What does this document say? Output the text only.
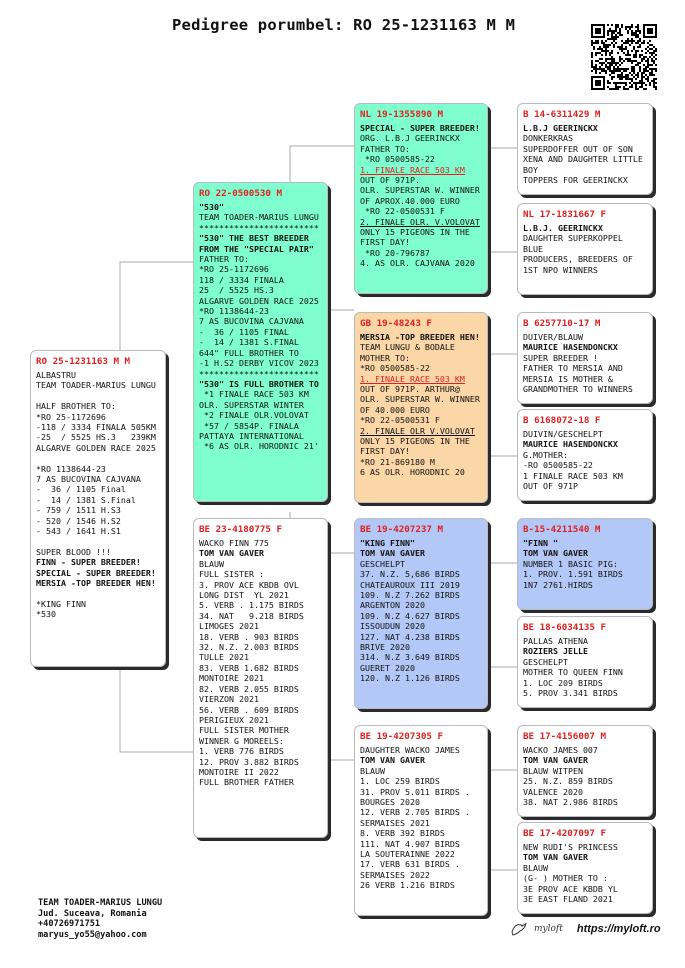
Pedigree porumbel: RO 25-1231163 M M
RO 25-1231163 M M
ALBASTRU
TEAM TOADER-MARIUS LUNGU

HALF BROTHER TO:
*RO 25-1172696
-118 / 3334 FINALA 505KM
-25  / 5525 HS.3   239KM
ALGARVE GOLDEN RACE 2025

*RO 1138644-23
7 AS BUCOVINA CAJVANA
-  36 / 1105 Final
-  14 / 1381 S.Final
- 759 / 1511 H.S3
- 520 / 1546 H.S2
- 543 / 1641 H.S1

SUPER BLOOD !!!
FINN - SUPER BREEDER!
SPECIAL - SUPER BREEDER!
MERSIA -TOP BREEDER HEN!

*KING FINN
*530
RO 22-0500530 M
"530"
TEAM TOADER-MARIUS LUNGU
************************
"530" THE BEST BREEDER
FROM THE "SPECIAL PAIR"
FATHER TO:
*RO 25-1172696
118 / 3334 FINALA
25  / 5525 HS.3
ALGARVE GOLDEN RACE 2025
*RO 1138644-23
7 AS BUCOVINA CAJVANA
-  36 / 1105 FINAL
-  14 / 1381 S.FINAL
644" FULL BROTHER TO
-1 H.S2 DERBY VICOV 2023
************************
"530" IS FULL BROTHER TO
*1 FINALE RACE 503 KM
OLR. SUPERSTAR WINTER
*2 FINALE OLR.VOLOVAT
*57 / 5854P. FINALA
PATTAYA INTERNATIONAL
*6 AS OLR. HORODNIC 21'
BE 23-4180775 F
WACKO FINN 775
TOM VAN GAVER
BLAUW
FULL SISTER :
3. PROV ACE KBDB OVL
LONG DIST  YL 2021
5. VERB . 1.175 BIRDS
34. NAT   9.218 BIRDS
LIMOGES 2021
18. VERB . 903 BIRDS
32. N.Z. 2.003 BIRDS
TULLE 2021
83. VERB 1.682 BIRDS
MONTOIRE 2021
82. VERB 2.055 BIRDS
VIERZON 2021
56. VERB . 609 BIRDS
PERIGIEUX 2021
FULL SISTER MOTHER
WINNER G MOREELS:
1. VERB 776 BIRDS
12. PROV 3.882 BIRDS
MONTOIRE II 2022
FULL BROTHER FATHER
NL 19-1355890 M
SPECIAL - SUPER BREEDER!
ORG. L.B.J GEERINCKX
FATHER TO:
*RO 0500585-22
1. FINALE RACE 503 KM
OUT OF 971P.
OLR. SUPERSTAR W. WINNER
OF APROX.40.000 EURO
*RO 22-0500531 F
2. FINALE OLR. V.VOLOVAT
ONLY 15 PIGEONS IN THE
FIRST DAY!
*RO 20-796787
4. AS OLR. CAJVANA 2020
GB 19-48243 F
MERSIA -TOP BREEDER HEN!
TEAM LUNGU & BODALE
MOTHER TO:
*RO 0500585-22
1. FINALE RACE 503 KM
OUT OF 971P. ARTHUR@
OLR. SUPERSTAR W. WINNER
OF 40.000 EURO
*RO 22-0500531 F
2. FINALE OLR V.VOLOVAT
ONLY 15 PIGEONS IN THE
FIRST DAY!
*RO 21-869180 M
6 AS OLR. HORODNIC 20
BE 19-4207237 M
"KING FINN"
TOM VAN GAVER
GESCHELPT
37. N.Z. 5,686 BIRDS
CHATEAUROUX III 2019
109. N.Z 7.262 BIRDS
ARGENTON 2020
109. N.Z 4.627 BIRDS
ISSOUDUN 2020
127. NAT 4.238 BIRDS
BRIVE 2020
314. N.Z 3.649 BIRDS
GUERET 2020
120. N.Z 1.126 BIRDS
BE 19-4207305 F
DAUGHTER WACKO JAMES
TOM VAN GAVER
BLAUW
1. LOC 259 BIRDS
31. PROV 5.011 BIRDS .
BOURGES 2020
12. VERB 2.705 BIRDS .
SERMAISES 2021
8. VERB 392 BIRDS
111. NAT 4.907 BIRDS
LA SOUTERAINNE 2022
17. VERB 631 BIRDS .
SERMAISES 2022
26 VERB 1.216 BIRDS
B 14-6311429 M
L.B.J GEERINCKX
DONKERKRAS
SUPERDOFFER OUT OF SON
XENA AND DAUGHTER LITTLE
BOY
TOPPERS FOR GEERINCKX
NL 17-1831667 F
L.B.J. GEERINCKX
DAUGHTER SUPERKOPPEL
BLUE
PRODUCERS, BREEDERS OF
1ST NPO WINNERS
B 6257710-17 M
DUIVER/BLAUW
MAURICE HASENDONCKX
SUPER BREEDER !
FATHER TO MERSIA AND
MERSIA IS MOTHER &
GRANDMOTHER TO WINNERS
B 6168072-18 F
DUIVIN/GESCHELPT
MAURICE HASENDONCKX
G.MOTHER:
-RO 0500585-22
1 FINALE RACE 503 KM
OUT OF 971P
B-15-4211540 M
"FINN "
TOM VAN GAVER
NUMBER 1 BASIC PIG:
1. PROV. 1.591 BIRDS
1N7 2761.HIRDS
BE 18-6034135 F
PALLAS ATHENA
ROZIERS JELLE
GESCHELPT
MOTHER TO QUEEN FINN
1. LOC 209 BIRDS
5. PROV 3.341 BIRDS
BE 17-4156007 M
WACKO JAMES 007
TOM VAN GAVER
BLAUW WITPEN
25. N.Z. 859 BIRDS
VALENCE 2020
38. NAT 2.986 BIRDS
BE 17-4207097 F
NEW RUDI'S PRINCESS
TOM VAN GAVER
BLAUW
(G- ) MOTHER TO :
3E PROV ACE KBDB YL
3E EAST FLAND 2021
TEAM TOADER-MARIUS LUNGU
Jud. Suceava, Romania
+40726971751
maryus_yo55@yahoo.com
myloft https://myloft.ro
